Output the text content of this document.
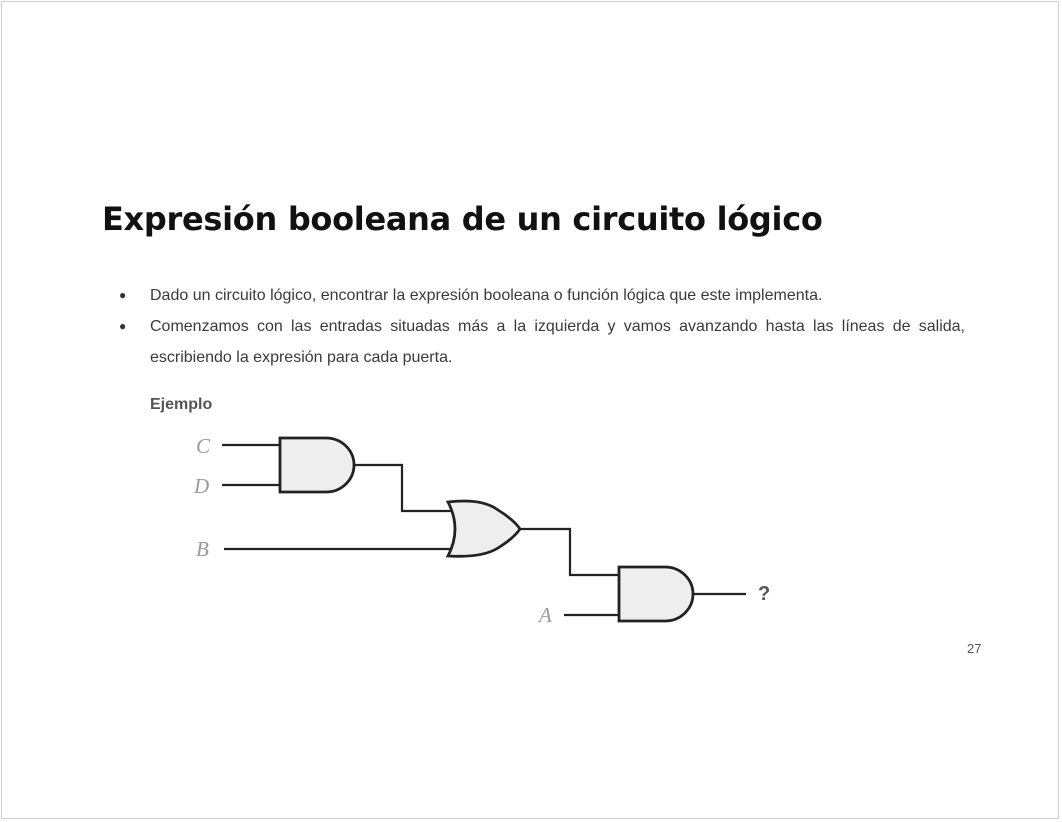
Expresión booleana de un circuito lógico
● Dado un circuito lógico, encontrar la expresión booleana o función lógica que este implementa.
● Comenzamos con las entradas situadas más a la izquierda y vamos avanzando hasta las líneas de salida, escribiendo la expresión para cada puerta.
Ejemplo
C
D
B
A
?
27
